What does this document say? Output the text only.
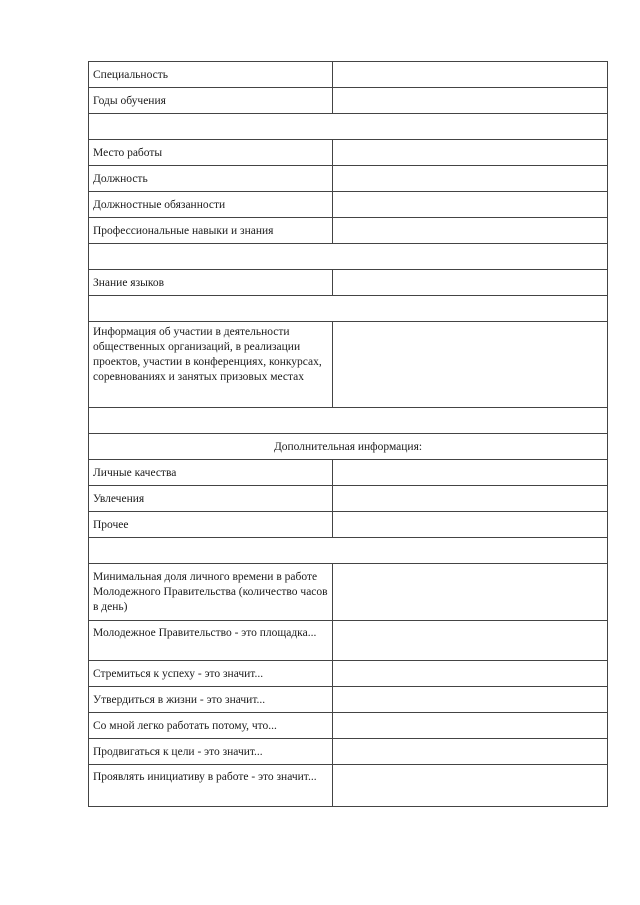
Специальность	
Годы обучения	

Место работы	
Должность	
Должностные обязанности	
Профессиональные навыки и знания	

Знание языков	

Информация об участии в деятельности общественных организаций, в реализации проектов, участии в конференциях, конкурсах, соревнованиях и занятых призовых местах	

Дополнительная информация:	
Личные качества	
Увлечения	
Прочее	

Минимальная доля личного времени в работе Молодежного Правительства (количество часов в день)	
Молодежное Правительство - это площадка...	
Стремиться к успеху - это значит...	
Утвердиться в жизни - это значит...	
Со мной легко работать потому, что...	
Продвигаться к цели - это значит...	
Проявлять инициативу в работе - это значит...	
